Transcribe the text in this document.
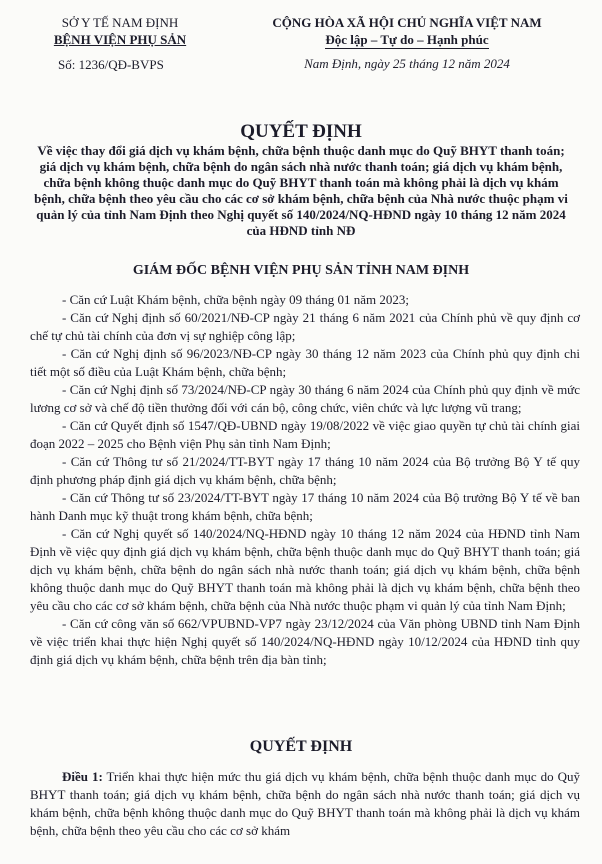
SỞ Y TẾ NAM ĐỊNH
BỆNH VIỆN PHỤ SẢN
Số: 1236/QĐ-BVPS
CỘNG HÒA XÃ HỘI CHỦ NGHĨA VIỆT NAM
Độc lập – Tự do – Hạnh phúc
Nam Định, ngày 25 tháng 12 năm 2024
QUYẾT ĐỊNH
Về việc thay đổi giá dịch vụ khám bệnh, chữa bệnh thuộc danh mục do Quỹ BHYT thanh toán; giá dịch vụ khám bệnh, chữa bệnh do ngân sách nhà nước thanh toán; giá dịch vụ khám bệnh, chữa bệnh không thuộc danh mục do Quỹ BHYT thanh toán mà không phải là dịch vụ khám bệnh, chữa bệnh theo yêu cầu cho các cơ sở khám bệnh, chữa bệnh của Nhà nước thuộc phạm vi quản lý của tỉnh Nam Định theo Nghị quyết số 140/2024/NQ-HĐND ngày 10 tháng 12 năm 2024 của HĐND tỉnh NĐ
GIÁM ĐỐC BỆNH VIỆN PHỤ SẢN TỈNH NAM ĐỊNH

- Căn cứ Luật Khám bệnh, chữa bệnh ngày 09 tháng 01 năm 2023;

- Căn cứ Nghị định số 60/2021/NĐ-CP ngày 21 tháng 6 năm 2021 của Chính phủ về quy định cơ chế tự chủ tài chính của đơn vị sự nghiệp công lập;

- Căn cứ Nghị định số 96/2023/NĐ-CP ngày 30 tháng 12 năm 2023 của Chính phủ quy định chi tiết một số điều của Luật Khám bệnh, chữa bệnh;

- Căn cứ Nghị định số 73/2024/NĐ-CP ngày 30 tháng 6 năm 2024 của Chính phủ quy định về mức lương cơ sở và chế độ tiền thưởng đối với cán bộ, công chức, viên chức và lực lượng vũ trang;

- Căn cứ Quyết định số 1547/QĐ-UBND ngày 19/08/2022 về việc giao quyền tự chủ tài chính giai đoạn 2022 – 2025 cho Bệnh viện Phụ sản tỉnh Nam Định;

- Căn cứ Thông tư số 21/2024/TT-BYT ngày 17 tháng 10 năm 2024 của Bộ trưởng Bộ Y tế quy định phương pháp định giá dịch vụ khám bệnh, chữa bệnh;

- Căn cứ Thông tư số 23/2024/TT-BYT ngày 17 tháng 10 năm 2024 của Bộ trưởng Bộ Y tế về ban hành Danh mục kỹ thuật trong khám bệnh, chữa bệnh;

- Căn cứ Nghị quyết số 140/2024/NQ-HĐND ngày 10 tháng 12 năm 2024 của HĐND tỉnh Nam Định về việc quy định giá dịch vụ khám bệnh, chữa bệnh thuộc danh mục do Quỹ BHYT thanh toán; giá dịch vụ khám bệnh, chữa bệnh do ngân sách nhà nước thanh toán; giá dịch vụ khám bệnh, chữa bệnh không thuộc danh mục do Quỹ BHYT thanh toán mà không phải là dịch vụ khám bệnh, chữa bệnh theo yêu cầu cho các cơ sở khám bệnh, chữa bệnh của Nhà nước thuộc phạm vi quản lý của tỉnh Nam Định;

- Căn cứ công văn số 662/VPUBND-VP7 ngày 23/12/2024 của Văn phòng UBND tỉnh Nam Định về việc triển khai thực hiện Nghị quyết số 140/2024/NQ-HĐND ngày 10/12/2024 của HĐND tỉnh quy định giá dịch vụ khám bệnh, chữa bệnh trên địa bàn tỉnh;

QUYẾT ĐỊNH

Điều 1: Triển khai thực hiện mức thu giá dịch vụ khám bệnh, chữa bệnh thuộc danh mục do Quỹ BHYT thanh toán; giá dịch vụ khám bệnh, chữa bệnh do ngân sách nhà nước thanh toán; giá dịch vụ khám bệnh, chữa bệnh không thuộc danh mục do Quỹ BHYT thanh toán mà không phải là dịch vụ khám bệnh, chữa bệnh theo yêu cầu cho các cơ sở khám
